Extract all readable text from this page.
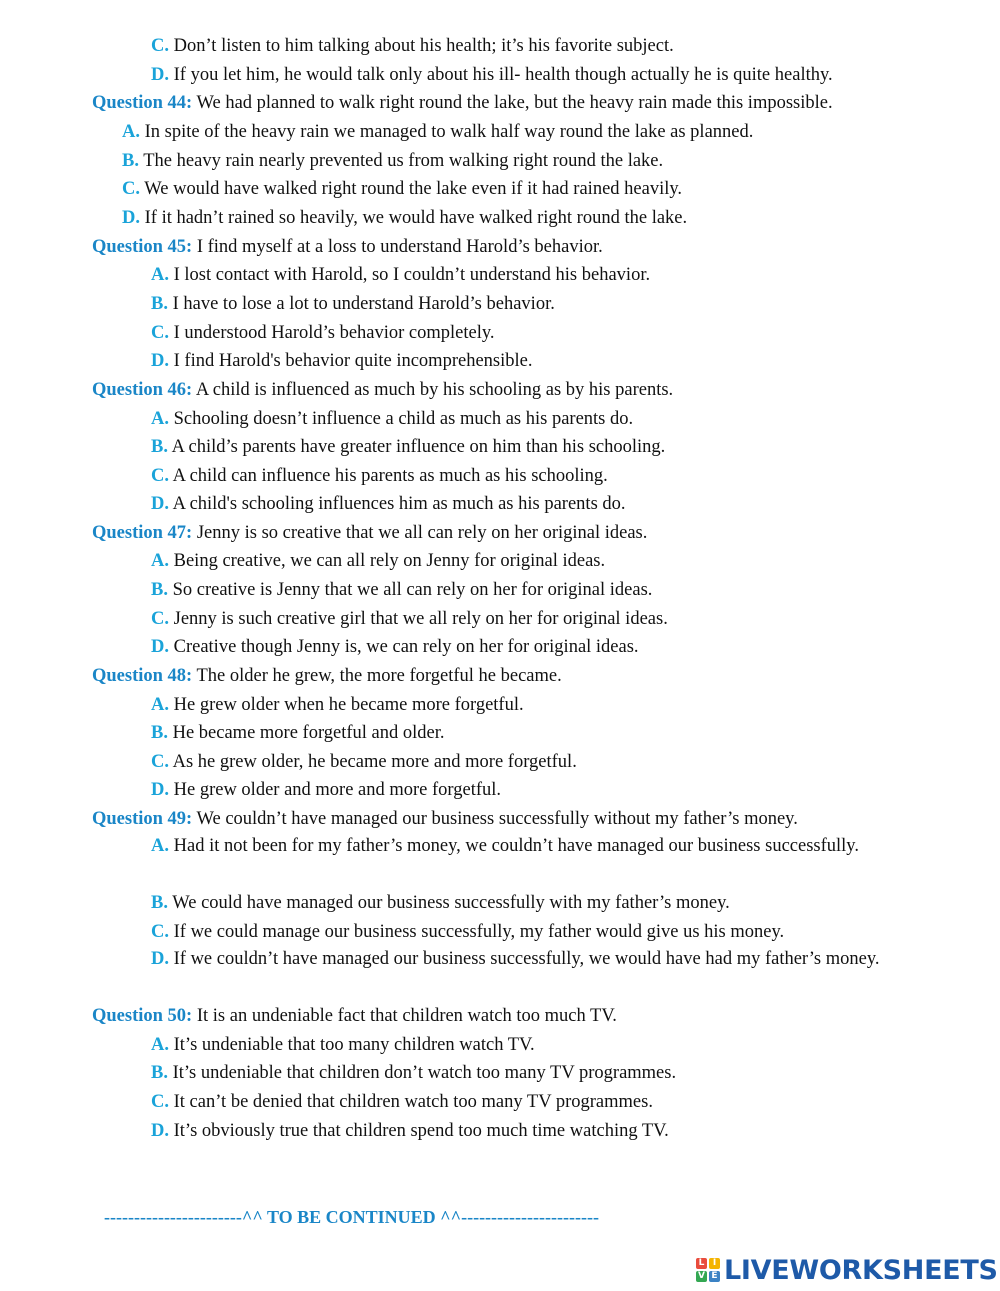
C. Don’t listen to him talking about his health; it’s his favorite subject.
D. If you let him, he would talk only about his ill- health though actually he is quite healthy.
Question 44: We had planned to walk right round the lake, but the heavy rain made this impossible.
A. In spite of the heavy rain we managed to walk half way round the lake as planned.
B. The heavy rain nearly prevented us from walking right round the lake.
C. We would have walked right round the lake even if it had rained heavily.
D. If it hadn’t rained so heavily, we would have walked right round the lake.
Question 45: I find myself at a loss to understand Harold’s behavior.
A. I lost contact with Harold, so I couldn’t understand his behavior.
B. I have to lose a lot to understand Harold’s behavior.
C. I understood Harold’s behavior completely.
D. I find Harold's behavior quite incomprehensible.
Question 46: A child is influenced as much by his schooling as by his parents.
A. Schooling doesn’t influence a child as much as his parents do.
B. A child’s parents have greater influence on him than his schooling.
C. A child can influence his parents as much as his schooling.
D. A child's schooling influences him as much as his parents do.
Question 47: Jenny is so creative that we all can rely on her original ideas.
A. Being creative, we can all rely on Jenny for original ideas.
B. So creative is Jenny that we all can rely on her for original ideas.
C. Jenny is such creative girl that we all rely on her for original ideas.
D. Creative though Jenny is, we can rely on her for original ideas.
Question 48: The older he grew, the more forgetful he became.
A. He grew older when he became more forgetful.
B. He became more forgetful and older.
C. As he grew older, he became more and more forgetful.
D. He grew older and more and more forgetful.
Question 49: We couldn’t have managed our business successfully without my father’s money.
A. Had it not been for my father’s money, we couldn’t have managed our business successfully.
B. We could have managed our business successfully with my father’s money.
C. If we could manage our business successfully, my father would give us his money.
D. If we couldn’t have managed our business successfully, we would have had my father’s money.
Question 50: It is an undeniable fact that children watch too much TV.
A. It’s undeniable that too many children watch TV.
B. It’s undeniable that children don’t watch too many TV programmes.
C. It can’t be denied that children watch too many TV programmes.
D. It’s obviously true that children spend too much time watching TV.
-----------------------^^ TO BE CONTINUED ^^-----------------------
L I
V E LIVEWORKSHEETS
